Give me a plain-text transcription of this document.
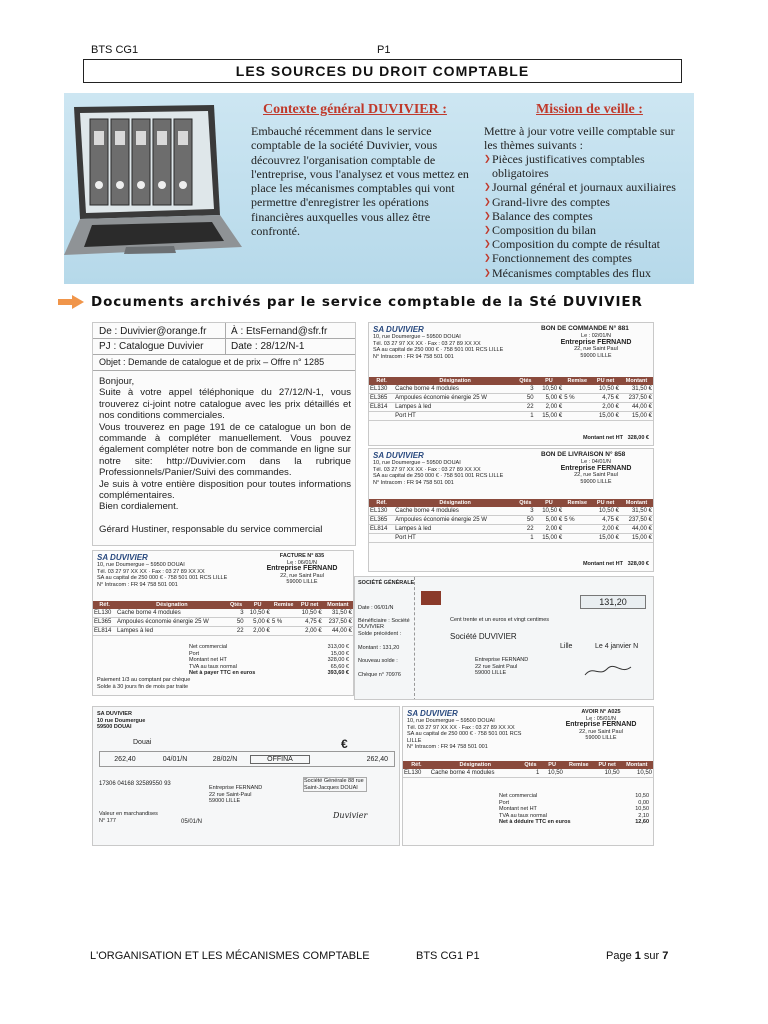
BTS CG1	P1
LES SOURCES DU DROIT COMPTABLE
Contexte général DUVIVIER :
Embauché récemment dans le service comptable de la société Duvivier, vous découvrez l'organisation comptable de l'entreprise, vous l'analysez et vous mettez en place les mécanismes comptables qui vont permettre d'enregistrer les opérations financières auxquelles vous allez être confronté.
Mission de veille :
Mettre à jour votre veille comptable sur les thèmes suivants :
❯ Pièces justificatives comptables obligatoires
❯ Journal général et journaux auxiliaires
❯ Grand-livre des comptes
❯ Balance des comptes
❯ Composition du bilan
❯ Composition du compte de résultat
❯ Fonctionnement des comptes
❯ Mécanismes comptables des flux
Documents archivés par le service comptable de la Sté DUVIVIER
De : Duvivier@orange.fr À : EtsFernand@sfr.fr
PJ : Catalogue Duvivier	Date : 28/12/N-1
Objet : Demande de catalogue et de prix – Offre n° 1285
Bonjour,
Suite à votre appel téléphonique du 27/12/N-1, vous trouverez ci-joint notre catalogue avec les prix détaillés et nos conditions commerciales.
Vous trouverez en page 191 de ce catalogue un bon de commande à compléter manuellement. Vous pouvez également compléter notre bon de commande en ligne sur notre site: http://Duvivier.com dans la rubrique Professionnels/Panier/Suivi des commandes.
Je suis à votre entière disposition pour toutes informations complémentaires.
Bien cordialement.

Gérard Hustiner, responsable du service commercial
SA DUVIVIER
10, rue Doumergue – 59500 DOUAI
Tél. 03 27 97 XX XX · Fax : 03 27 89 XX XX
SA au capital de 250 000 € · 758 501 001 RCS LILLE
N° Intracom : FR 94 758 501 001
BON DE COMMANDE N° 881
Le : 02/01/N
Entreprise FERNAND
22, rue Saint Paul
59000 LILLE
Réf.	Désignation	Qtés	PU	Remise	PU net	Montant
EL130	Cache borne 4 modules	3	10,50 €		10,50 €	31,50 €
EL365	Ampoules économie énergie 25 W	50	5,00 €	5 %	4,75 €	237,50 €
EL814	Lampes à led	22	2,00 €		2,00 €	44,00 €
	Port HT	1	15,00 €		15,00 €	15,00 €
Montant net HT 328,00 €
SA DUVIVIER
10, rue Doumergue – 59500 DOUAI
Tél. 03 27 97 XX XX · Fax : 03 27 89 XX XX
SA au capital de 250 000 € · 758 501 001 RCS LILLE
N° Intracom : FR 94 758 501 001
BON DE LIVRAISON N° 858
Le : 04/01/N
Entreprise FERNAND
22, rue Saint Paul
59000 LILLE
Réf.	Désignation	Qtés	PU	Remise	PU net	Montant
EL130	Cache borne 4 modules	3	10,50 €		10,50 €	31,50 €
EL365	Ampoules économie énergie 25 W	50	5,00 €	5 %	4,75 €	237,50 €
EL814	Lampes à led	22	2,00 €		2,00 €	44,00 €
	Port HT	1	15,00 €		15,00 €	15,00 €
Montant net HT 328,00 €
SA DUVIVIER
10, rue Doumergue – 59500 DOUAI
Tél. 03 27 97 XX XX · Fax : 03 27 89 XX XX
SA au capital de 250 000 € · 758 501 001 RCS LILLE
N° Intracom : FR 94 758 501 001
FACTURE N° 835
Le : 06/01/N
Entreprise FERNAND
22, rue Saint Paul
59000 LILLE
Réf.	Désignation	Qtés	PU	Remise	PU net	Montant
EL130	Cache borne 4 modules	3	10,50 €		10,50 €	31,50 €
EL365	Ampoules économie énergie 25 W	50	5,00 €	5 %	4,75 €	237,50 €
EL814	Lampes à led	22	2,00 €		2,00 €	44,00 €
Net commercial	313,00 €
Port	15,00 €
Montant net HT	328,00 €
TVA au taux normal	65,60 €
Net à payer TTC en euros	393,60 €
Paiement 1/3 au comptant par chèque
Solde à 30 jours fin de mois par traite
SOCIÉTÉ GÉNÉRALE
Date : 06/01/N
Bénéficiaire : Société DUVIVIER
Solde précédent :
Montant : 131,20
Nouveau solde :
Chèque n° 70976
131,20
Cent trente et un euros et vingt centimes
Société DUVIVIER
Lille	Le 4 janvier N
Entreprise FERNAND
22 rue Saint Paul
59000 LILLE
SA DUVIVIER
10 rue Doumergue
59500 DOUAI
Douai	€
262,40	04/01/N	28/02/N	OFFINA	262,40
17306 04168 32589550 93
Entreprise FERNAND
22 rue Saint-Paul
59000 LILLE
Société Générale 88 rue Saint-Jacques DOUAI
Valeur en marchandises
N° 177	05/01/N
Duvivier
SA DUVIVIER
10, rue Doumergue – 59500 DOUAI
Tél. 03 27 97 XX XX · Fax : 03 27 89 XX XX
SA au capital de 250 000 € · 758 501 001 RCS LILLE
N° Intracom : FR 94 758 501 001
AVOIR N° A025
Le : 05/01/N
Entreprise FERNAND
22, rue Saint Paul
59000 LILLE
Réf.	Désignation	Qtés	PU	Remise	PU net	Montant
EL130	Cache borne 4 modules	1	10,50		10,50	10,50
Net commercial	10,50
Port	0,00
Montant net HT	10,50
TVA au taux normal	2,10
Net à déduire TTC en euros	12,60
L'ORGANISATION ET LES MÉCANISMES COMPTABLE	BTS CG1 P1	Page 1 sur 7
